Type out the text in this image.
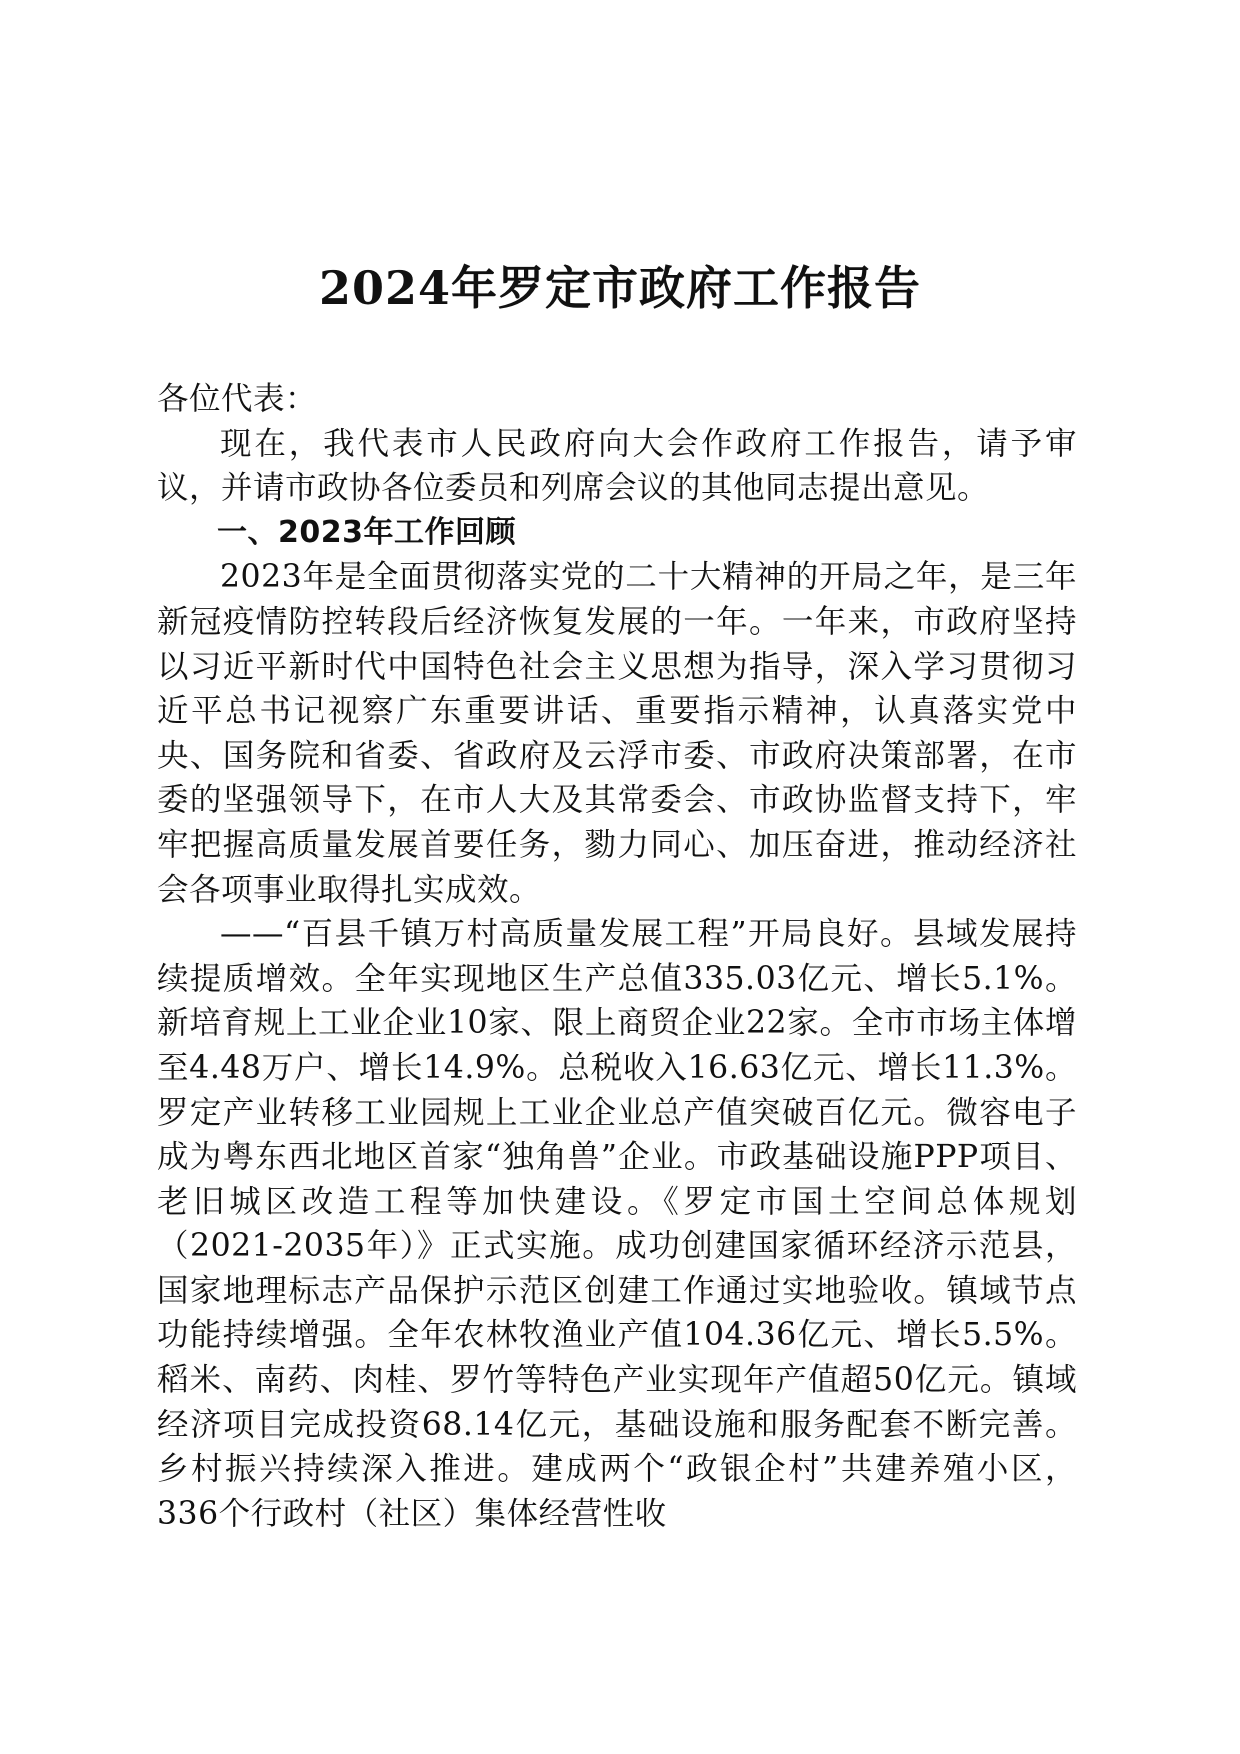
2024年罗定市政府工作报告

各位代表：

现在，我代表市人民政府向大会作政府工作报告，请予审议，并请市政协各位委员和列席会议的其他同志提出意见。

一、2023年工作回顾

2023年是全面贯彻落实党的二十大精神的开局之年，是三年新冠疫情防控转段后经济恢复发展的一年。一年来，市政府坚持以习近平新时代中国特色社会主义思想为指导，深入学习贯彻习近平总书记视察广东重要讲话、重要指示精神，认真落实党中央、国务院和省委、省政府及云浮市委、市政府决策部署，在市委的坚强领导下，在市人大及其常委会、市政协监督支持下，牢牢把握高质量发展首要任务，勠力同心、加压奋进，推动经济社会各项事业取得扎实成效。

——“百县千镇万村高质量发展工程”开局良好。县域发展持续提质增效。全年实现地区生产总值335.03亿元、增长5.1%。新培育规上工业企业10家、限上商贸企业22家。全市市场主体增至4.48万户、增长14.9%。总税收入16.63亿元、增长11.3%。罗定产业转移工业园规上工业企业总产值突破百亿元。微容电子成为粤东西北地区首家“独角兽”企业。市政基础设施PPP项目、老旧城区改造工程等加快建设。《罗定市国土空间总体规划（2021-2035年）》正式实施。成功创建国家循环经济示范县，国家地理标志产品保护示范区创建工作通过实地验收。镇域节点功能持续增强。全年农林牧渔业产值104.36亿元、增长5.5%。稻米、南药、肉桂、罗竹等特色产业实现年产值超50亿元。镇域经济项目完成投资68.14亿元，基础设施和服务配套不断完善。乡村振兴持续深入推进。建成两个“政银企村”共建养殖小区，336个行政村（社区）集体经营性收
